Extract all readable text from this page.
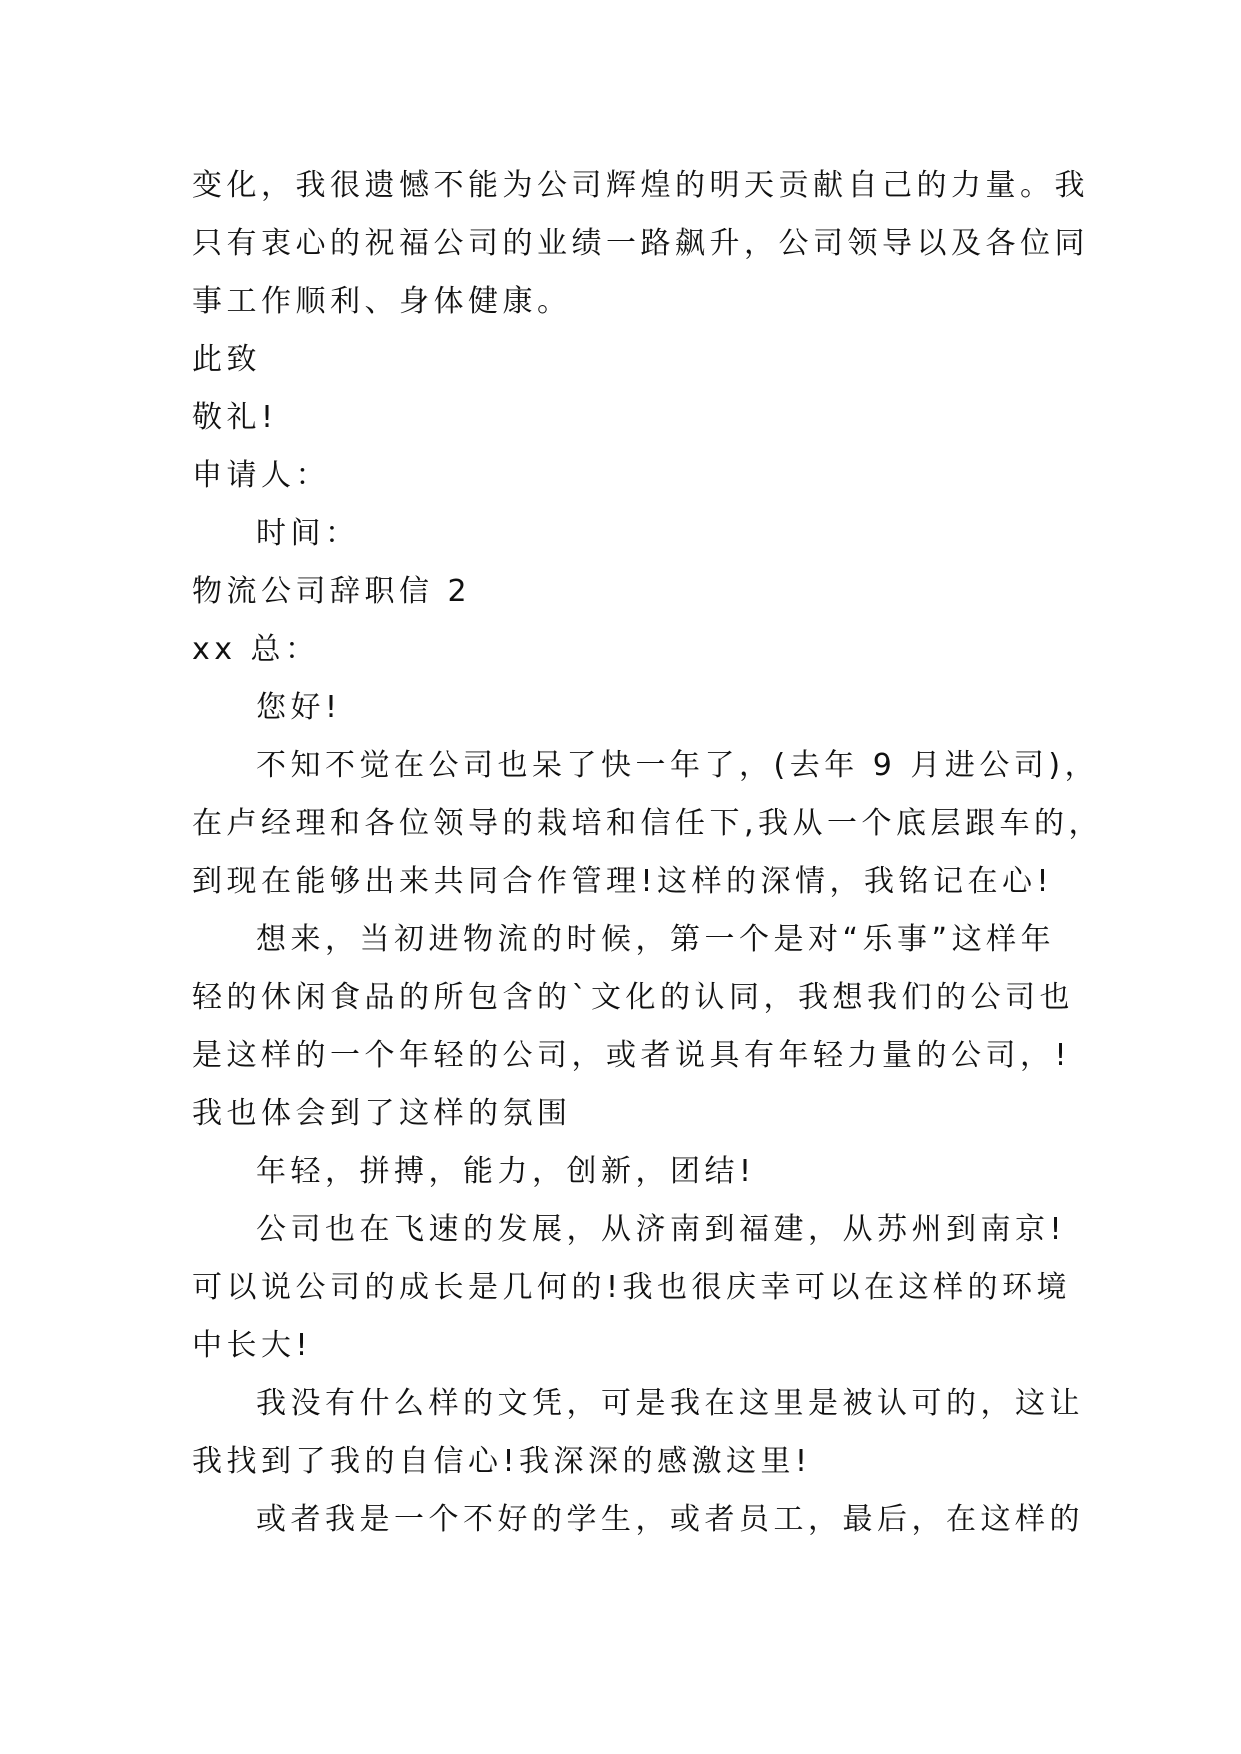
变化，我很遗憾不能为公司辉煌的明天贡献自己的力量。我
只有衷心的祝福公司的业绩一路飙升，公司领导以及各位同
事工作顺利、身体健康。
此致
敬礼!
申请人：
时间：
物流公司辞职信 2
xx 总：
您好!
不知不觉在公司也呆了快一年了，(去年 9 月进公司)，
在卢经理和各位领导的栽培和信任下,我从一个底层跟车的，
到现在能够出来共同合作管理!这样的深情，我铭记在心!
想来，当初进物流的时候，第一个是对“乐事”这样年
轻的休闲食品的所包含的`文化的认同，我想我们的公司也
是这样的一个年轻的公司，或者说具有年轻力量的公司，!
我也体会到了这样的氛围
年轻，拼搏，能力，创新，团结!
公司也在飞速的发展，从济南到福建，从苏州到南京!
可以说公司的成长是几何的!我也很庆幸可以在这样的环境
中长大!
我没有什么样的文凭，可是我在这里是被认可的，这让
我找到了我的自信心!我深深的感激这里!
或者我是一个不好的学生，或者员工，最后，在这样的
